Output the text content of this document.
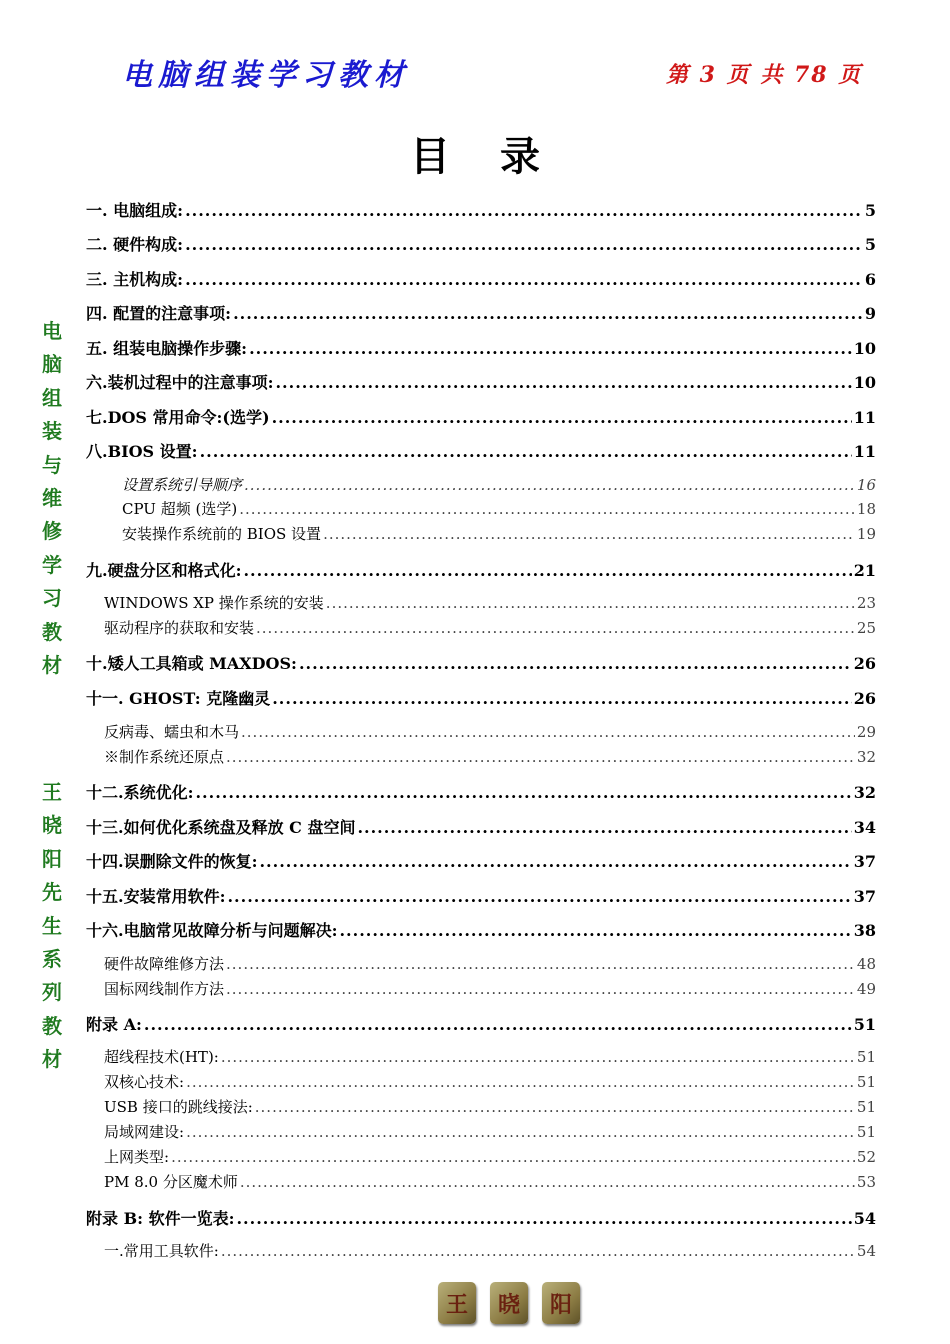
电脑组装学习教材	第 3 页 共 78 页
目录
电
脑
组
装
与
维
修
学
习
教
材
王
晓
阳
先
生
系
列
教
材
一. 电脑组成: .....	5
二. 硬件构成: .....	5
三. 主机构成: .....	6
四. 配置的注意事项: .....	9
五. 组装电脑操作步骤: .....	10
六.装机过程中的注意事项: .....	10
七.DOS 常用命令:(选学) .....	11
八.BIOS 设置: .....	11
设置系统引导顺序 .....	16
CPU 超频 (选学) .....	18
安装操作系统前的 BIOS 设置 .....	19
九.硬盘分区和格式化: .....	21
WINDOWS XP 操作系统的安装 .....	23
驱动程序的获取和安装 .....	25
十.矮人工具箱或 MAXDOS: .....	26
十一. GHOST: 克隆幽灵 .....	26
反病毒、蠕虫和木马 .....	29
※制作系统还原点 .....	32
十二.系统优化: .....	32
十三.如何优化系统盘及释放 C 盘空间 .....	34
十四.误删除文件的恢复: .....	37
十五.安装常用软件: .....	37
十六.电脑常见故障分析与问题解决: .....	38
硬件故障维修方法 .....	48
国标网线制作方法 .....	49
附录 A: .....	51
超线程技术(HT): .....	51
双核心技术: .....	51
USB 接口的跳线接法: .....	51
局域网建设: .....	51
上网类型: .....	52
PM 8.0 分区魔术师 .....	53
附录 B: 软件一览表: .....	54
一.常用工具软件: .....	54
王	晓	阳
